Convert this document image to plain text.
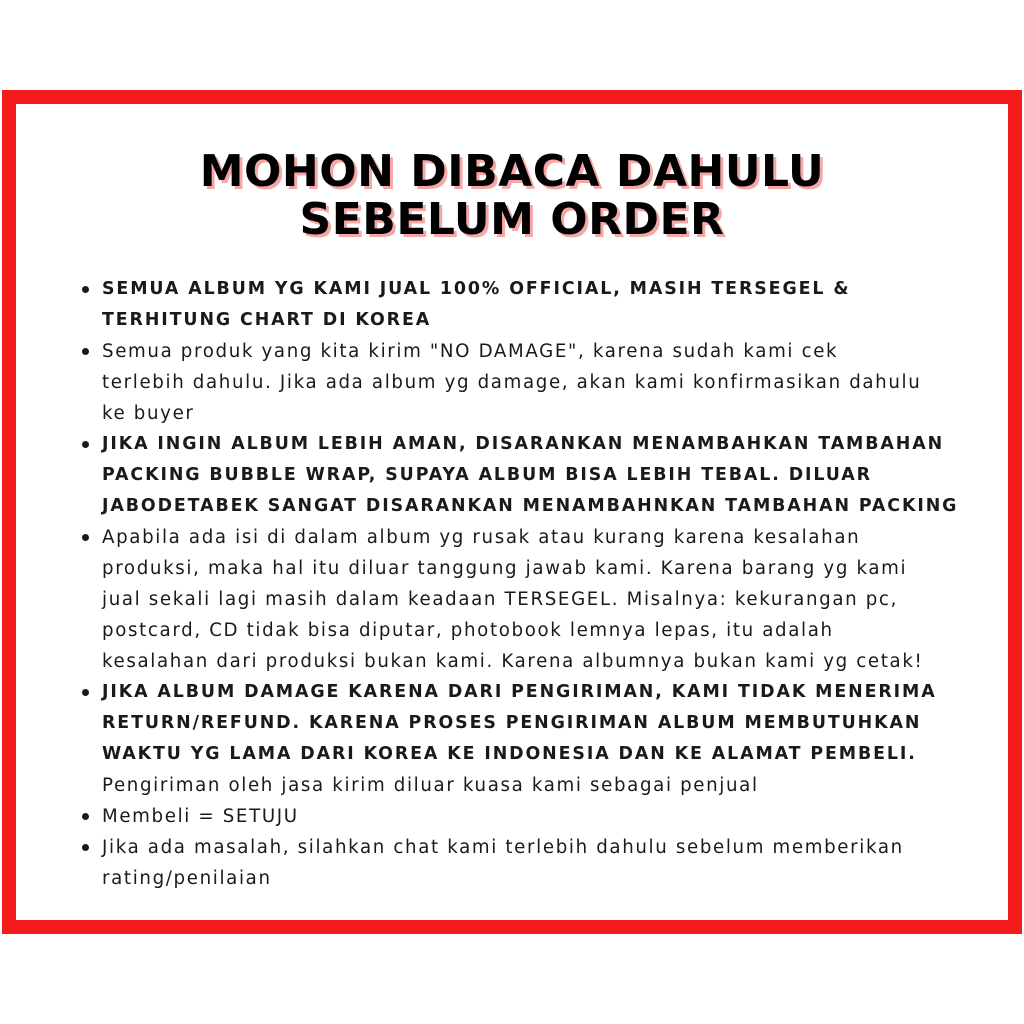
MOHON DIBACA DAHULU
SEBELUM ORDER
SEMUA ALBUM YG KAMI JUAL 100% OFFICIAL, MASIH TERSEGEL &
TERHITUNG CHART DI KOREA
Semua produk yang kita kirim "NO DAMAGE", karena sudah kami cek
terlebih dahulu. Jika ada album yg damage, akan kami konfirmasikan dahulu
ke buyer
JIKA INGIN ALBUM LEBIH AMAN, DISARANKAN MENAMBAHKAN TAMBAHAN
PACKING BUBBLE WRAP, SUPAYA ALBUM BISA LEBIH TEBAL. DILUAR
JABODETABEK SANGAT DISARANKAN MENAMBAHNKAN TAMBAHAN PACKING
Apabila ada isi di dalam album yg rusak atau kurang karena kesalahan
produksi, maka hal itu diluar tanggung jawab kami. Karena barang yg kami
jual sekali lagi masih dalam keadaan TERSEGEL. Misalnya: kekurangan pc,
postcard, CD tidak bisa diputar, photobook lemnya lepas, itu adalah
kesalahan dari produksi bukan kami. Karena albumnya bukan kami yg cetak!
JIKA ALBUM DAMAGE KARENA DARI PENGIRIMAN, KAMI TIDAK MENERIMA
RETURN/REFUND. KARENA PROSES PENGIRIMAN ALBUM MEMBUTUHKAN
WAKTU YG LAMA DARI KOREA KE INDONESIA DAN KE ALAMAT PEMBELI.
Pengiriman oleh jasa kirim diluar kuasa kami sebagai penjual
Membeli = SETUJU
Jika ada masalah, silahkan chat kami terlebih dahulu sebelum memberikan
rating/penilaian
